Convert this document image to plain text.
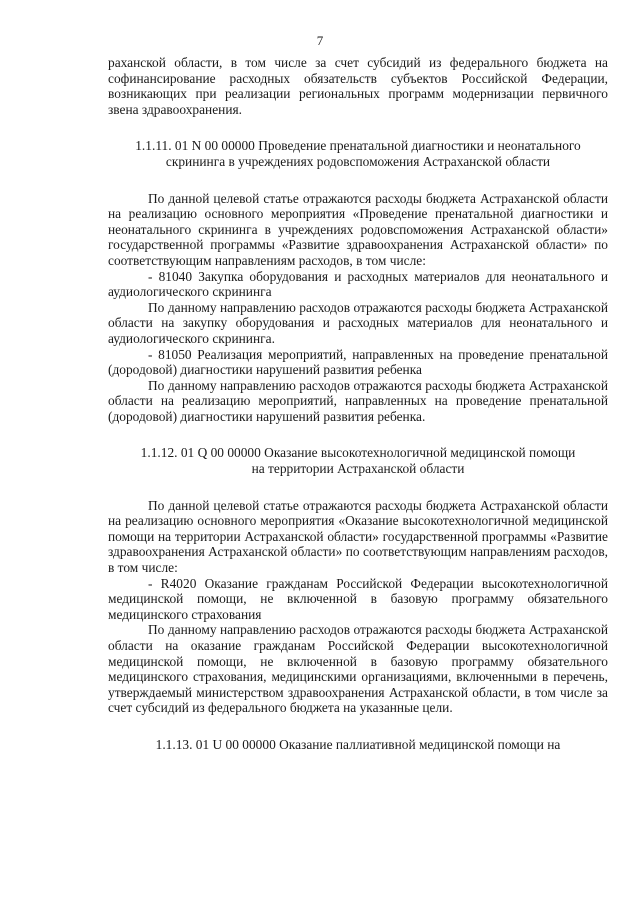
7

раханской области, в том числе за счет субсидий из федерального бюджета на софинансирование расходных обязательств субъектов Российской Федерации, возникающих при реализации региональных программ модернизации первичного звена здравоохранения.

1.1.11. 01 N 00 00000 Проведение пренатальной диагностики и неонатального
скрининга в учреждениях родовспоможения Астраханской области

По данной целевой статье отражаются расходы бюджета Астраханской области на реализацию основного мероприятия «Проведение пренатальной диагностики и неонатального скрининга в учреждениях родовспоможения Астраханской области» государственной программы «Развитие здравоохранения Астраханской области» по соответствующим направлениям расходов, в том числе:

- 81040 Закупка оборудования и расходных материалов для неонатального и аудиологического скрининга

По данному направлению расходов отражаются расходы бюджета Астраханской области на закупку оборудования и расходных материалов для неонатального и аудиологического скрининга.

- 81050 Реализация мероприятий, направленных на проведение пренатальной (дородовой) диагностики нарушений развития ребенка

По данному направлению расходов отражаются расходы бюджета Астраханской области на реализацию мероприятий, направленных на проведение пренатальной (дородовой) диагностики нарушений развития ребенка.

1.1.12. 01 Q 00 00000 Оказание высокотехнологичной медицинской помощи
на территории Астраханской области

По данной целевой статье отражаются расходы бюджета Астраханской области на реализацию основного мероприятия «Оказание высокотехнологичной медицинской помощи на территории Астраханской области» государственной программы «Развитие здравоохранения Астраханской области» по соответствующим направлениям расходов, в том числе:

- R4020 Оказание гражданам Российской Федерации высокотехнологичной медицинской помощи, не включенной в базовую программу обязательного медицинского страхования

По данному направлению расходов отражаются расходы бюджета Астраханской области на оказание гражданам Российской Федерации высокотехнологичной медицинской помощи, не включенной в базовую программу обязательного медицинского страхования, медицинскими организациями, включенными в перечень, утверждаемый министерством здравоохранения Астраханской области, в том числе за счет субсидий из федерального бюджета на указанные цели.

1.1.13. 01 U 00 00000 Оказание паллиативной медицинской помощи на
